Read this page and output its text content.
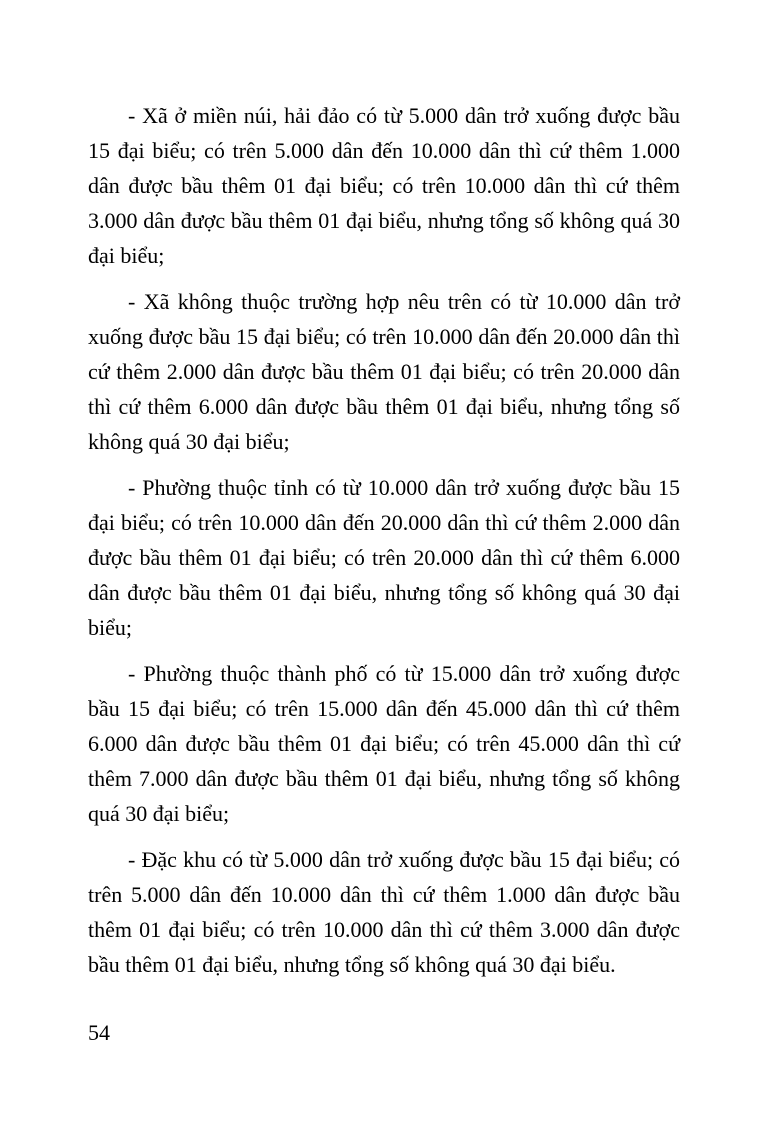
- Xã ở miền núi, hải đảo có từ 5.000 dân trở xuống được bầu 15 đại biểu; có trên 5.000 dân đến 10.000 dân thì cứ thêm 1.000 dân được bầu thêm 01 đại biểu; có trên 10.000 dân thì cứ thêm 3.000 dân được bầu thêm 01 đại biểu, nhưng tổng số không quá 30 đại biểu;

- Xã không thuộc trường hợp nêu trên có từ 10.000 dân trở xuống được bầu 15 đại biểu; có trên 10.000 dân đến 20.000 dân thì cứ thêm 2.000 dân được bầu thêm 01 đại biểu; có trên 20.000 dân thì cứ thêm 6.000 dân được bầu thêm 01 đại biểu, nhưng tổng số không quá 30 đại biểu;

- Phường thuộc tỉnh có từ 10.000 dân trở xuống được bầu 15 đại biểu; có trên 10.000 dân đến 20.000 dân thì cứ thêm 2.000 dân được bầu thêm 01 đại biểu; có trên 20.000 dân thì cứ thêm 6.000 dân được bầu thêm 01 đại biểu, nhưng tổng số không quá 30 đại biểu;

- Phường thuộc thành phố có từ 15.000 dân trở xuống được bầu 15 đại biểu; có trên 15.000 dân đến 45.000 dân thì cứ thêm 6.000 dân được bầu thêm 01 đại biểu; có trên 45.000 dân thì cứ thêm 7.000 dân được bầu thêm 01 đại biểu, nhưng tổng số không quá 30 đại biểu;

- Đặc khu có từ 5.000 dân trở xuống được bầu 15 đại biểu; có trên 5.000 dân đến 10.000 dân thì cứ thêm 1.000 dân được bầu thêm 01 đại biểu; có trên 10.000 dân thì cứ thêm 3.000 dân được bầu thêm 01 đại biểu, nhưng tổng số không quá 30 đại biểu.

54
